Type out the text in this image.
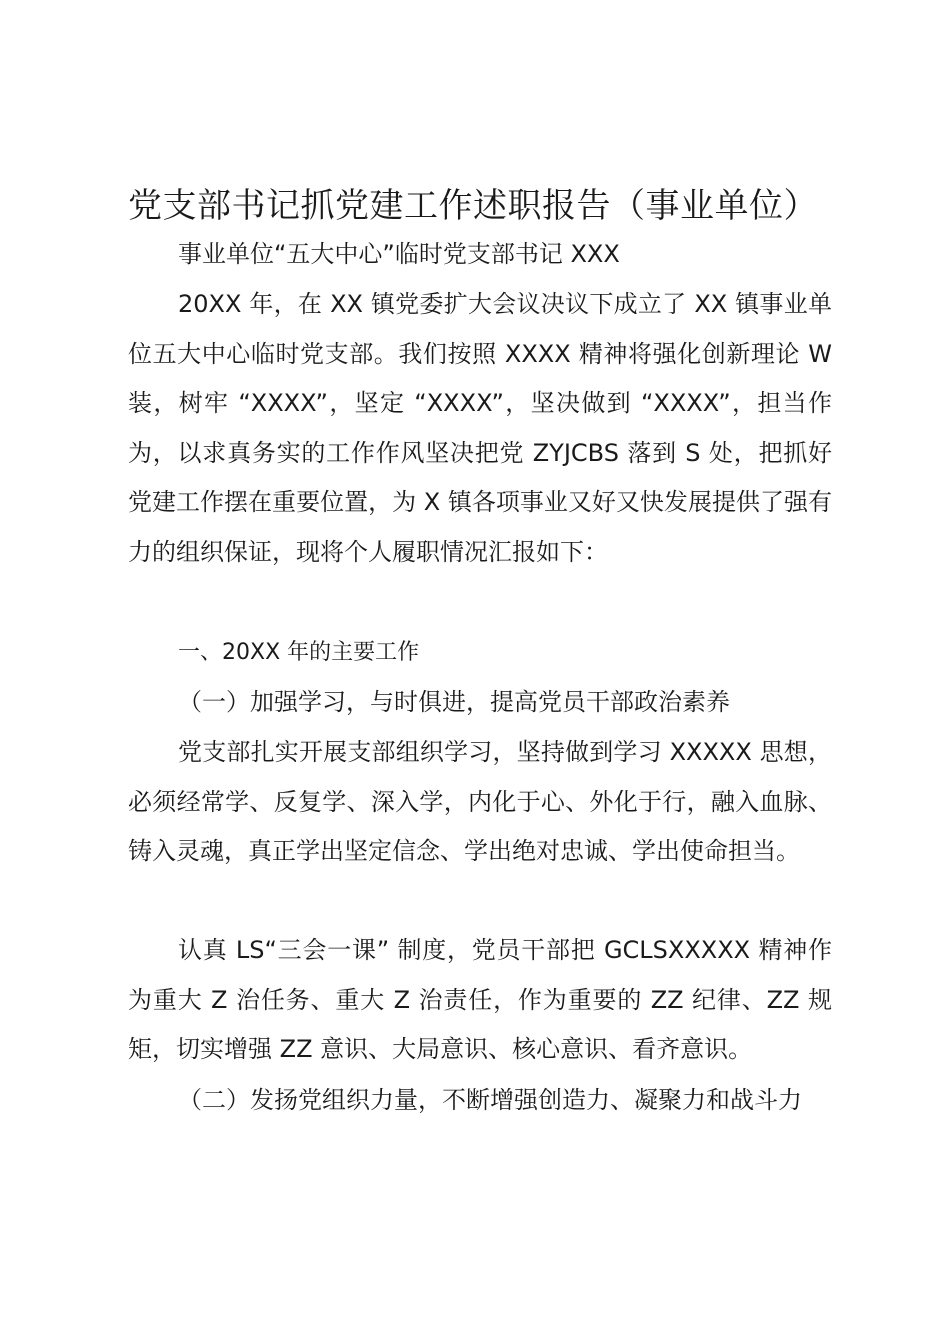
党支部书记抓党建工作述职报告（事业单位）

事业单位“五大中心”临时党支部书记 XXX

20XX 年，在 XX 镇党委扩大会议决议下成立了 XX 镇事业单位五大中心临时党支部。我们按照 XXXX 精神将强化创新理论 W 装，树牢 “XXXX”，坚定 “XXXX”，坚决做到 “XXXX”，担当作为，以求真务实的工作作风坚决把党 ZYJCBS 落到 S 处，把抓好党建工作摆在重要位置，为 X 镇各项事业又好又快发展提供了强有力的组织保证，现将个人履职情况汇报如下：

一、20XX 年的主要工作

（一）加强学习，与时俱进，提高党员干部政治素养

党支部扎实开展支部组织学习，坚持做到学习 XXXXX 思想，必须经常学、反复学、深入学，内化于心、外化于行，融入血脉、铸入灵魂，真正学出坚定信念、学出绝对忠诚、学出使命担当。

认真 LS“三会一课” 制度，党员干部把 GCLSXXXXX 精神作为重大 Z 治任务、重大 Z 治责任，作为重要的 ZZ 纪律、ZZ 规矩，切实增强 ZZ 意识、大局意识、核心意识、看齐意识。

（二）发扬党组织力量，不断增强创造力、凝聚力和战斗力
